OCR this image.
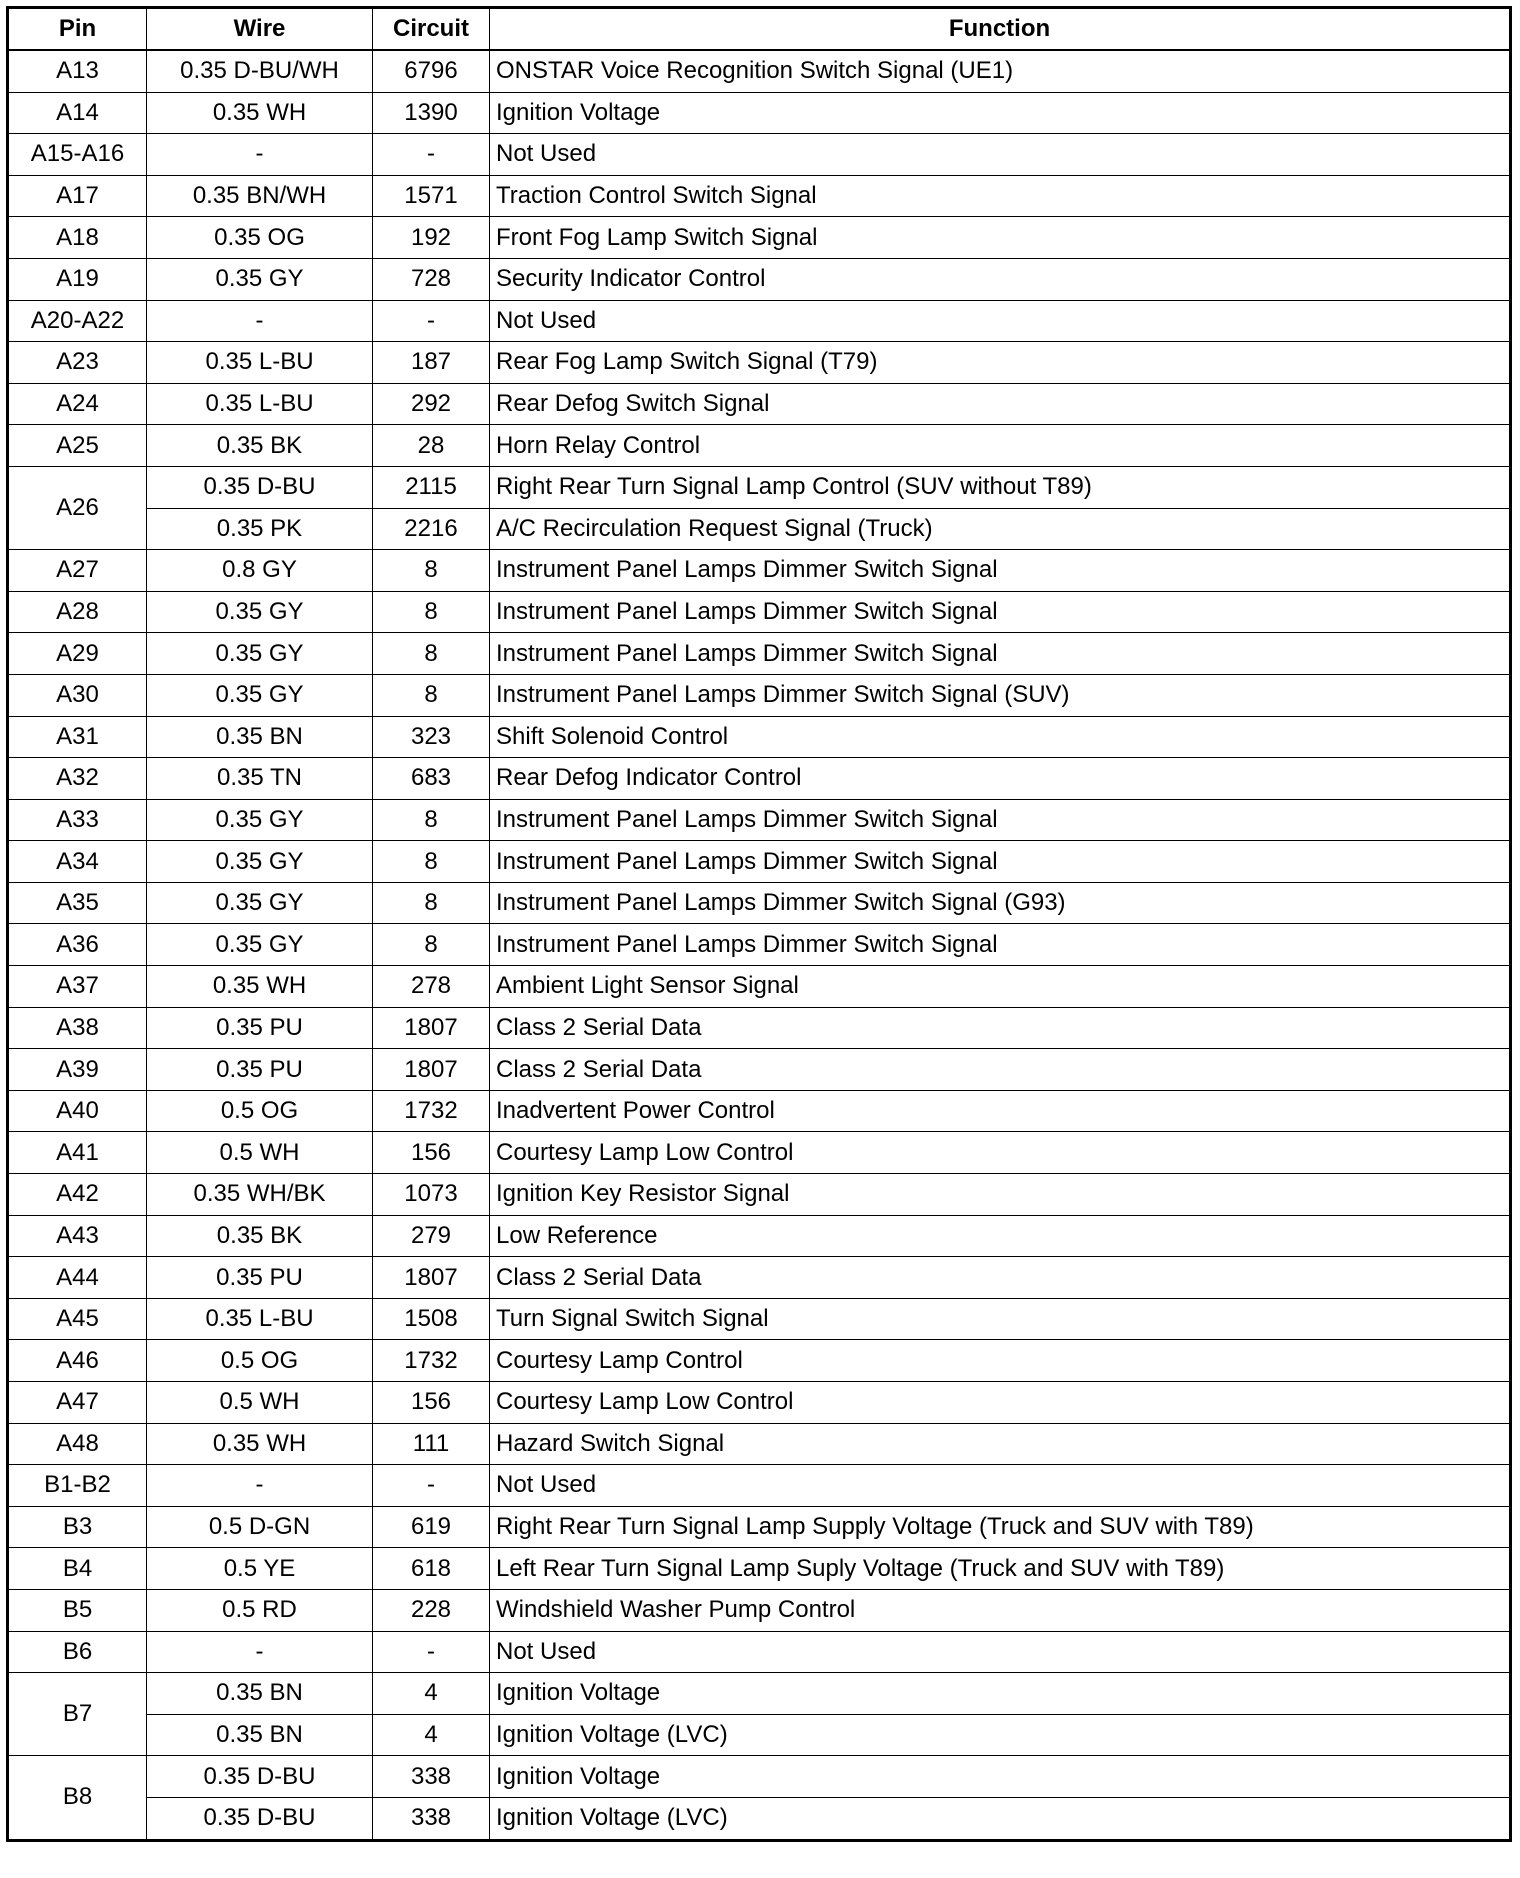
Pin	Wire	Circuit	Function
A13	0.35 D-BU/WH	6796	ONSTAR Voice Recognition Switch Signal (UE1)
A14	0.35 WH	1390	Ignition Voltage
A15-A16	-	-	Not Used
A17	0.35 BN/WH	1571	Traction Control Switch Signal
A18	0.35 OG	192	Front Fog Lamp Switch Signal
A19	0.35 GY	728	Security Indicator Control
A20-A22	-	-	Not Used
A23	0.35 L-BU	187	Rear Fog Lamp Switch Signal (T79)
A24	0.35 L-BU	292	Rear Defog Switch Signal
A25	0.35 BK	28	Horn Relay Control
A26	0.35 D-BU	2115	Right Rear Turn Signal Lamp Control (SUV without T89)
	0.35 PK	2216	A/C Recirculation Request Signal (Truck)
A27	0.8 GY	8	Instrument Panel Lamps Dimmer Switch Signal
A28	0.35 GY	8	Instrument Panel Lamps Dimmer Switch Signal
A29	0.35 GY	8	Instrument Panel Lamps Dimmer Switch Signal
A30	0.35 GY	8	Instrument Panel Lamps Dimmer Switch Signal (SUV)
A31	0.35 BN	323	Shift Solenoid Control
A32	0.35 TN	683	Rear Defog Indicator Control
A33	0.35 GY	8	Instrument Panel Lamps Dimmer Switch Signal
A34	0.35 GY	8	Instrument Panel Lamps Dimmer Switch Signal
A35	0.35 GY	8	Instrument Panel Lamps Dimmer Switch Signal (G93)
A36	0.35 GY	8	Instrument Panel Lamps Dimmer Switch Signal
A37	0.35 WH	278	Ambient Light Sensor Signal
A38	0.35 PU	1807	Class 2 Serial Data
A39	0.35 PU	1807	Class 2 Serial Data
A40	0.5 OG	1732	Inadvertent Power Control
A41	0.5 WH	156	Courtesy Lamp Low Control
A42	0.35 WH/BK	1073	Ignition Key Resistor Signal
A43	0.35 BK	279	Low Reference
A44	0.35 PU	1807	Class 2 Serial Data
A45	0.35 L-BU	1508	Turn Signal Switch Signal
A46	0.5 OG	1732	Courtesy Lamp Control
A47	0.5 WH	156	Courtesy Lamp Low Control
A48	0.35 WH	111	Hazard Switch Signal
B1-B2	-	-	Not Used
B3	0.5 D-GN	619	Right Rear Turn Signal Lamp Supply Voltage (Truck and SUV with T89)
B4	0.5 YE	618	Left Rear Turn Signal Lamp Suply Voltage (Truck and SUV with T89)
B5	0.5 RD	228	Windshield Washer Pump Control
B6	-	-	Not Used
B7	0.35 BN	4	Ignition Voltage
	0.35 BN	4	Ignition Voltage (LVC)
B8	0.35 D-BU	338	Ignition Voltage
	0.35 D-BU	338	Ignition Voltage (LVC)
